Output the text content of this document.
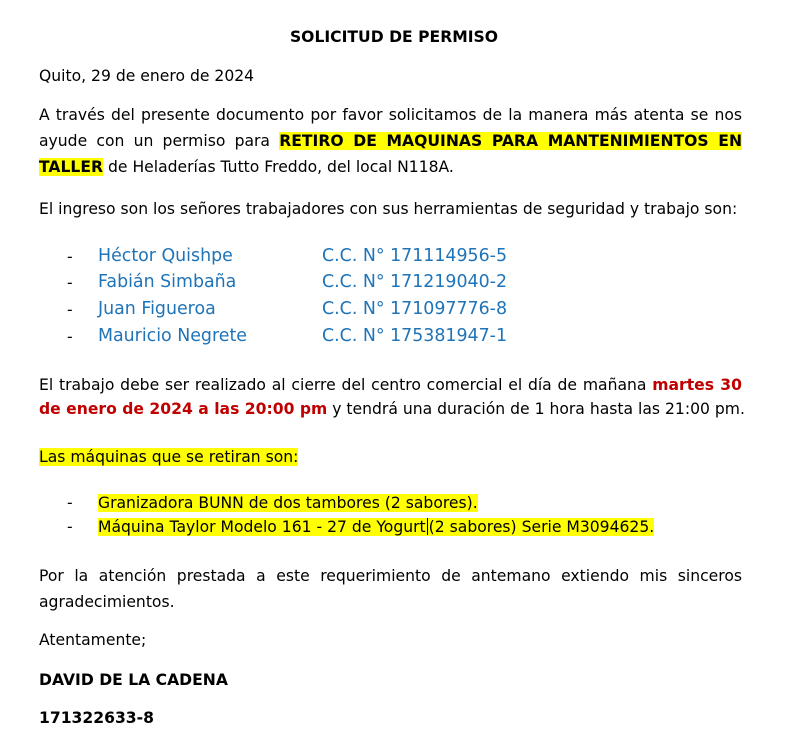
SOLICITUD DE PERMISO
Quito, 29 de enero de 2024
A través del presente documento por favor solicitamos de la manera más atenta se nos
ayude con un permiso para RETIRO DE MAQUINAS PARA MANTENIMIENTOS EN
TALLER de Heladerías Tutto Freddo, del local N118A.
El ingreso son los señores trabajadores con sus herramientas de seguridad y trabajo son:
- Héctor Quishpe	C.C. N° 171114956-5
- Fabián Simbaña	C.C. N° 171219040-2
- Juan Figueroa	C.C. N° 171097776-8
- Mauricio Negrete	C.C. N° 175381947-1
El trabajo debe ser realizado al cierre del centro comercial el día de mañana martes 30
de enero de 2024 a las 20:00 pm y tendrá una duración de 1 hora hasta las 21:00 pm.
Las máquinas que se retiran son:
- Granizadora BUNN de dos tambores (2 sabores).
- Máquina Taylor Modelo 161 - 27 de Yogurt (2 sabores) Serie M3094625.
Por la atención prestada a este requerimiento de antemano extiendo mis sinceros
agradecimientos.
Atentamente;
DAVID DE LA CADENA
171322633-8
